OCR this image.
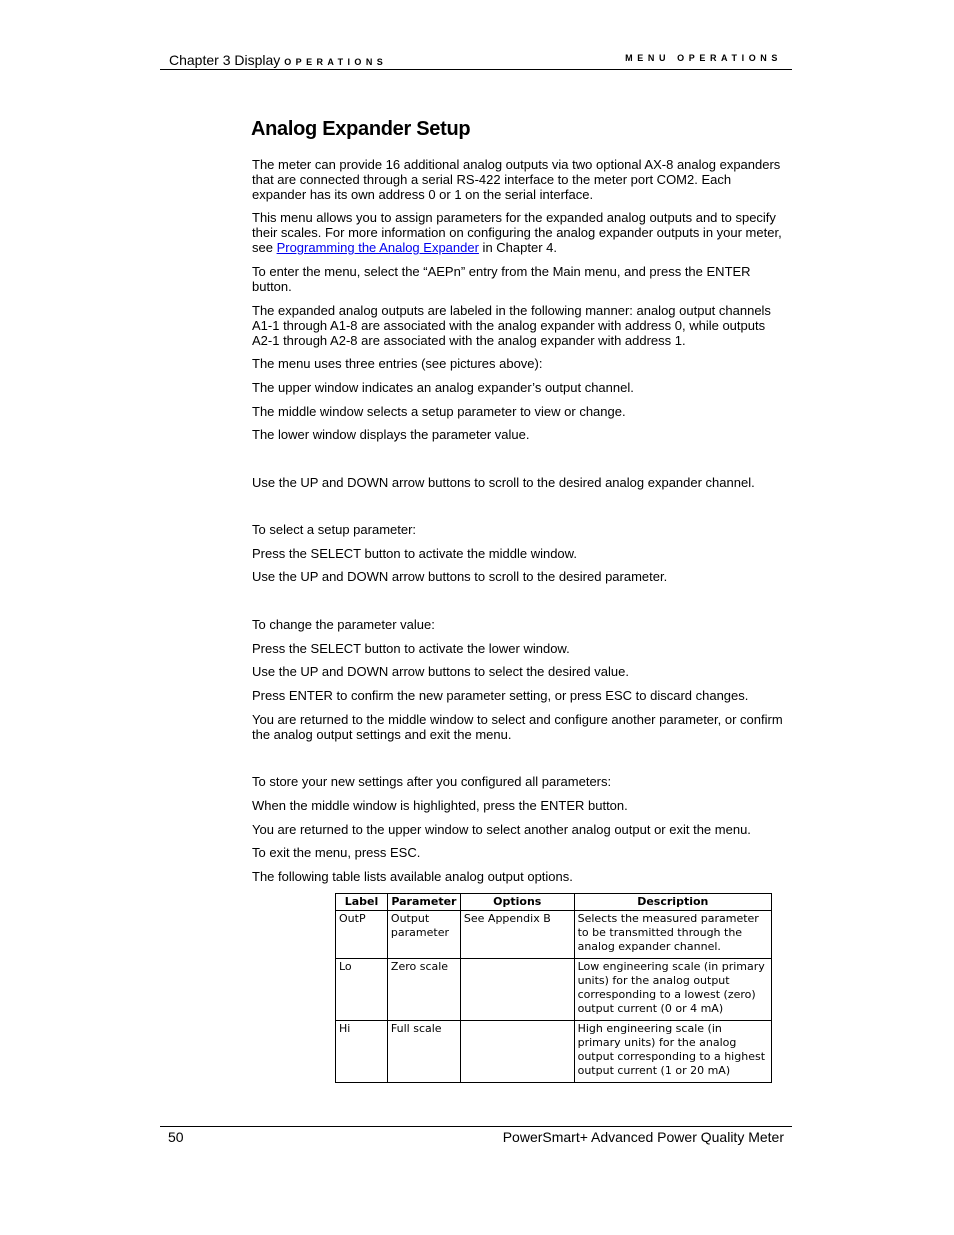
Chapter 3 Display OPERATIONS	MENU OPERATIONS
Analog Expander Setup

The meter can provide 16 additional analog outputs via two optional AX-8 analog expanders that are connected through a serial RS-422 interface to the meter port COM2. Each expander has its own address 0 or 1 on the serial interface.

This menu allows you to assign parameters for the expanded analog outputs and to specify their scales. For more information on configuring the analog expander outputs in your meter, see Programming the Analog Expander in Chapter 4.

To enter the menu, select the “AEPn” entry from the Main menu, and press the ENTER button.

The expanded analog outputs are labeled in the following manner: analog output channels A1-1 through A1-8 are associated with the analog expander with address 0, while outputs A2-1 through A2-8 are associated with the analog expander with address 1.

The menu uses three entries (see pictures above):

The upper window indicates an analog expander’s output channel.

The middle window selects a setup parameter to view or change.

The lower window displays the parameter value.

Use the UP and DOWN arrow buttons to scroll to the desired analog expander channel.

To select a setup parameter:

Press the SELECT button to activate the middle window.

Use the UP and DOWN arrow buttons to scroll to the desired parameter.

To change the parameter value:

Press the SELECT button to activate the lower window.

Use the UP and DOWN arrow buttons to select the desired value.

Press ENTER to confirm the new parameter setting, or press ESC to discard changes.

You are returned to the middle window to select and configure another parameter, or confirm the analog output settings and exit the menu.

To store your new settings after you configured all parameters:

When the middle window is highlighted, press the ENTER button.

You are returned to the upper window to select another analog output or exit the menu.

To exit the menu, press ESC.

The following table lists available analog output options.

Label	Parameter	Options	Description
OutP	Output parameter	See Appendix B	Selects the measured parameter to be transmitted through the analog expander channel.
Lo	Zero scale		Low engineering scale (in primary units) for the analog output corresponding to a lowest (zero) output current (0 or 4 mA)
Hi	Full scale		High engineering scale (in primary units) for the analog output corresponding to a highest output current (1 or 20 mA)
50	PowerSmart+ Advanced Power Quality Meter
